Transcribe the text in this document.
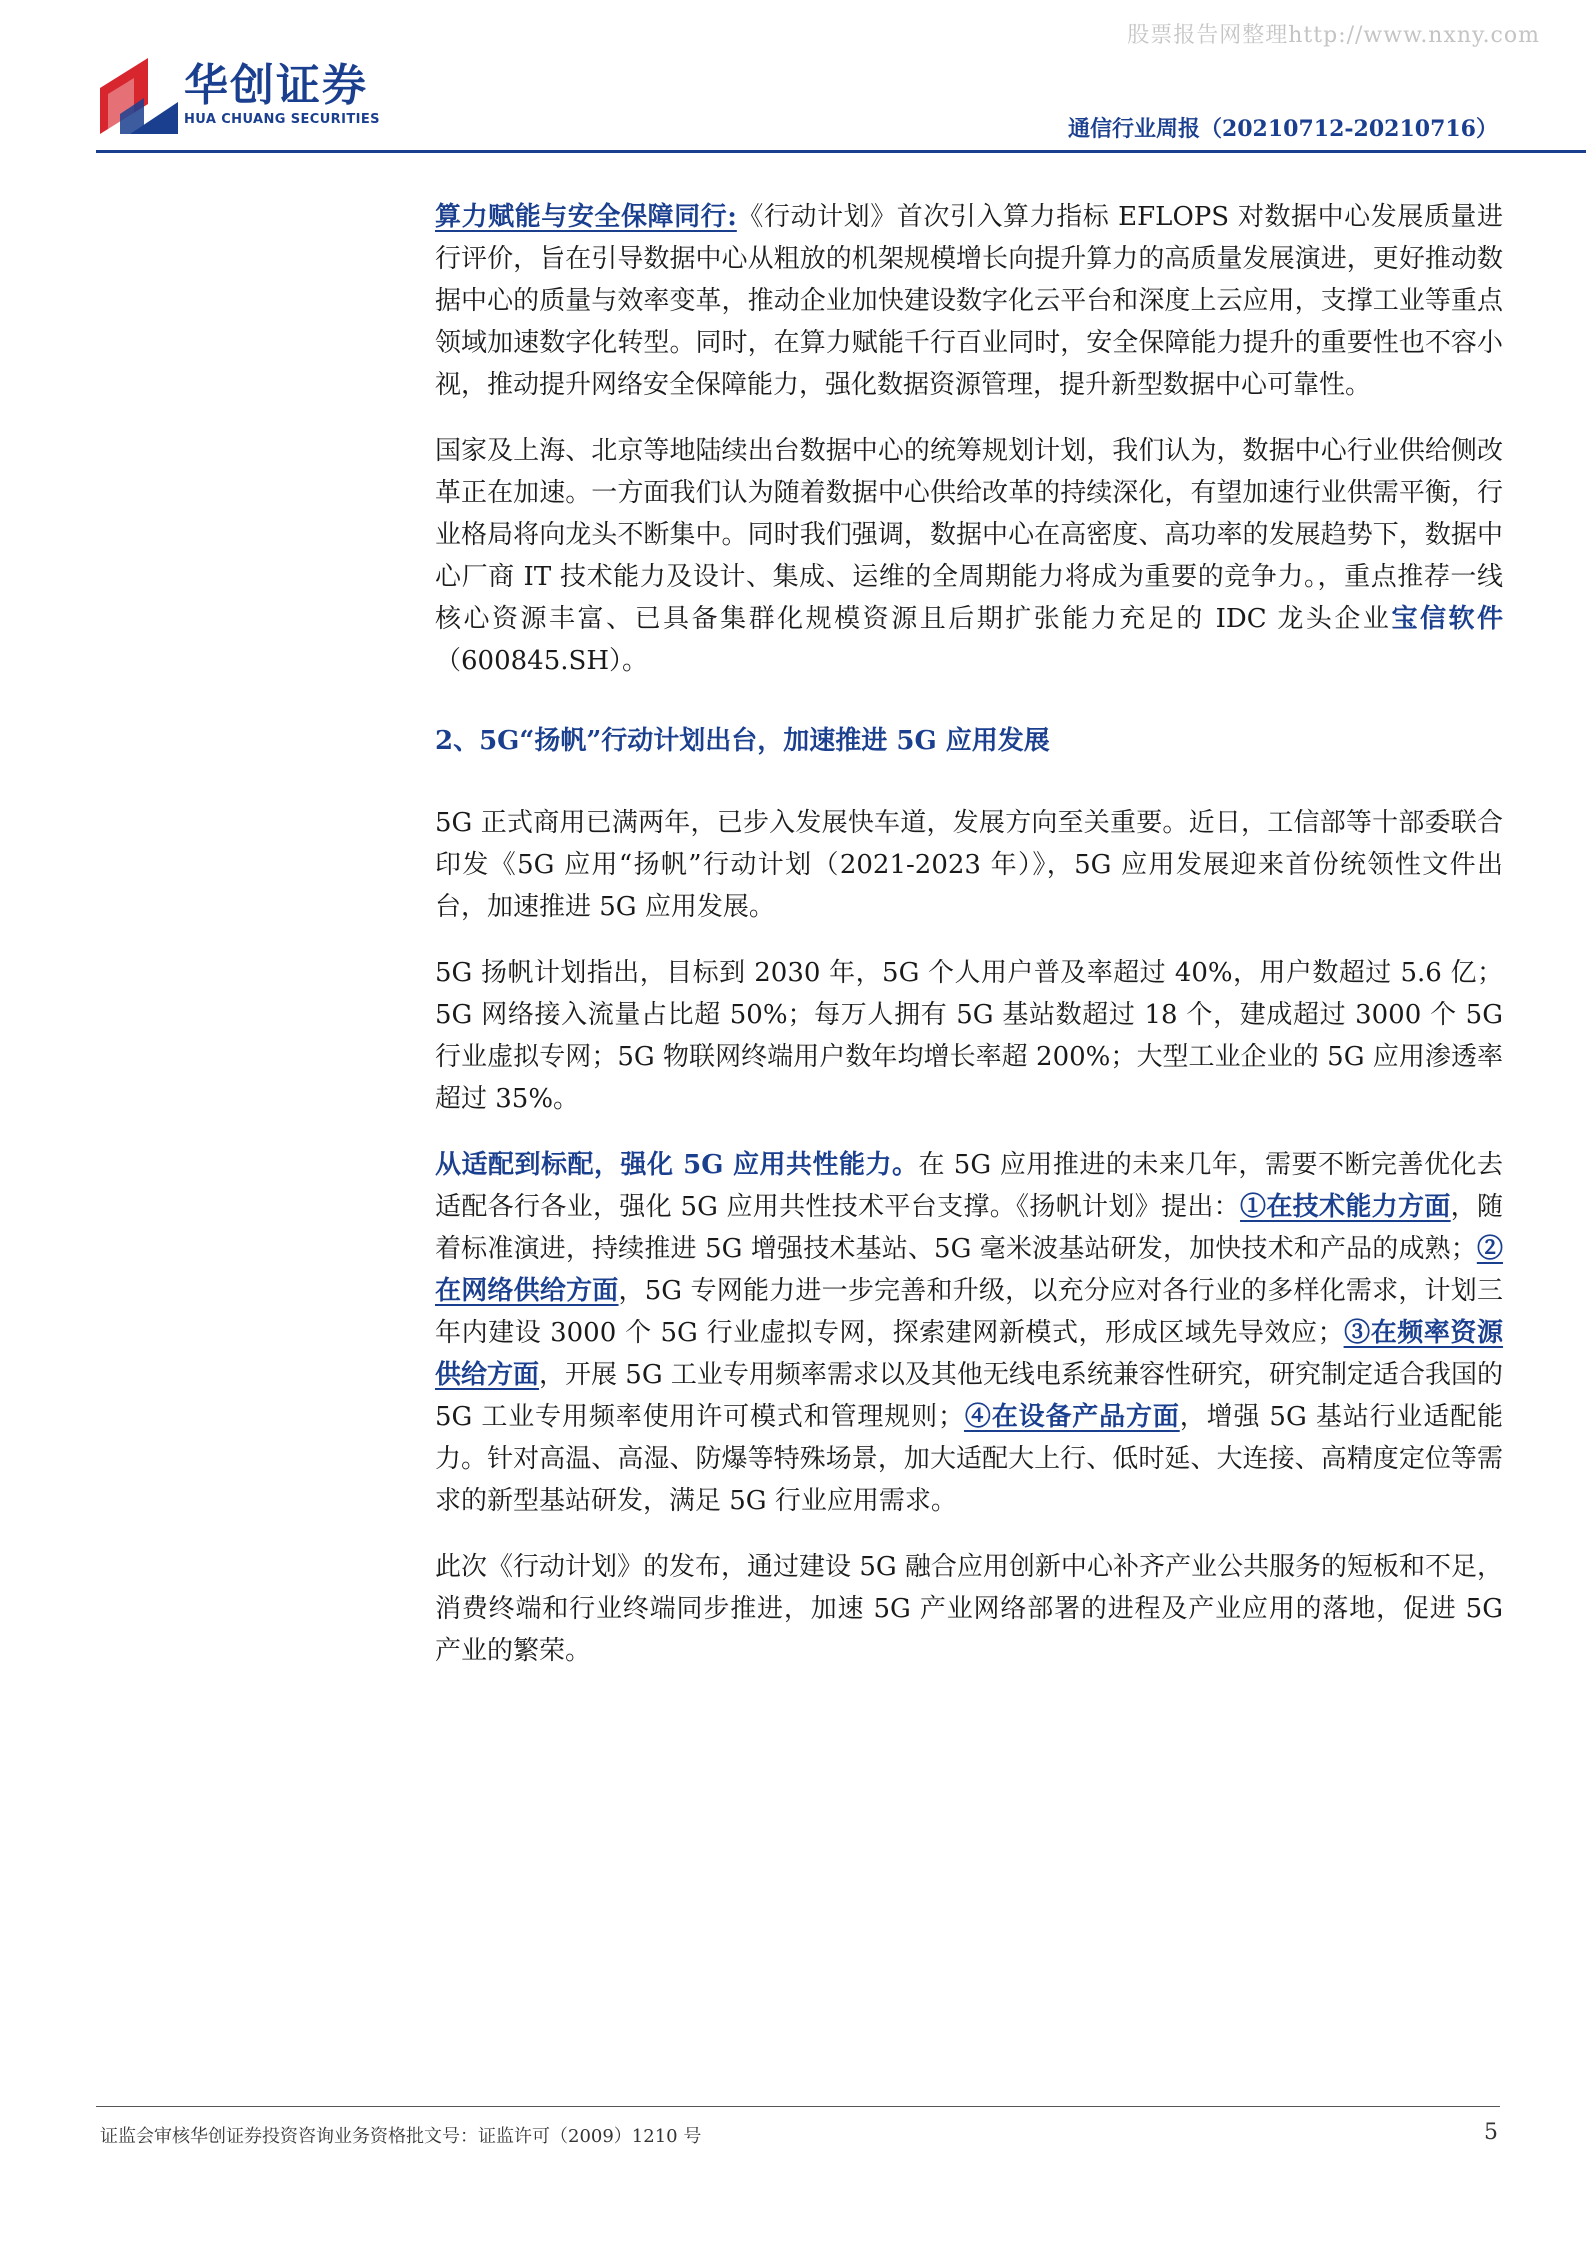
股票报告网整理http://www.nxny.com
华创证券
HUA CHUANG SECURITIES	通信行业周报（20210712-20210716）

算力赋能与安全保障同行:《行动计划》首次引入算力指标 EFLOPS 对数据中心发展质量进行评价，旨在引导数据中心从粗放的机架规模增长向提升算力的高质量发展演进，更好推动数据中心的质量与效率变革，推动企业加快建设数字化云平台和深度上云应用，支撑工业等重点领域加速数字化转型。同时，在算力赋能千行百业同时，安全保障能力提升的重要性也不容小视，推动提升网络安全保障能力，强化数据资源管理，提升新型数据中心可靠性。

国家及上海、北京等地陆续出台数据中心的统筹规划计划，我们认为，数据中心行业供给侧改革正在加速。一方面我们认为随着数据中心供给改革的持续深化，有望加速行业供需平衡，行业格局将向龙头不断集中。同时我们强调，数据中心在高密度、高功率的发展趋势下，数据中心厂商 IT 技术能力及设计、集成、运维的全周期能力将成为重要的竞争力。，重点推荐一线核心资源丰富、已具备集群化规模资源且后期扩张能力充足的 IDC 龙头企业宝信软件（600845.SH）。

2、5G“扬帆”行动计划出台，加速推进 5G 应用发展

5G 正式商用已满两年，已步入发展快车道，发展方向至关重要。近日，工信部等十部委联合印发《5G 应用“扬帆”行动计划（2021-2023 年）》，5G 应用发展迎来首份统领性文件出台，加速推进 5G 应用发展。

5G 扬帆计划指出，目标到 2030 年，5G 个人用户普及率超过 40%，用户数超过 5.6 亿；5G 网络接入流量占比超 50%；每万人拥有 5G 基站数超过 18 个，建成超过 3000 个 5G 行业虚拟专网；5G 物联网终端用户数年均增长率超 200%；大型工业企业的 5G 应用渗透率超过 35%。

从适配到标配，强化 5G 应用共性能力。在 5G 应用推进的未来几年，需要不断完善优化去适配各行各业，强化 5G 应用共性技术平台支撑。《扬帆计划》提出：①在技术能力方面，随着标准演进，持续推进 5G 增强技术基站、5G 毫米波基站研发，加快技术和产品的成熟；②在网络供给方面，5G 专网能力进一步完善和升级，以充分应对各行业的多样化需求，计划三年内建设 3000 个 5G 行业虚拟专网，探索建网新模式，形成区域先导效应；③在频率资源供给方面，开展 5G 工业专用频率需求以及其他无线电系统兼容性研究，研究制定适合我国的 5G 工业专用频率使用许可模式和管理规则；④在设备产品方面，增强 5G 基站行业适配能力。针对高温、高湿、防爆等特殊场景，加大适配大上行、低时延、大连接、高精度定位等需求的新型基站研发，满足 5G 行业应用需求。

此次《行动计划》的发布，通过建设 5G 融合应用创新中心补齐产业公共服务的短板和不足，消费终端和行业终端同步推进，加速 5G 产业网络部署的进程及产业应用的落地，促进 5G 产业的繁荣。

证监会审核华创证券投资咨询业务资格批文号：证监许可（2009）1210 号	5
